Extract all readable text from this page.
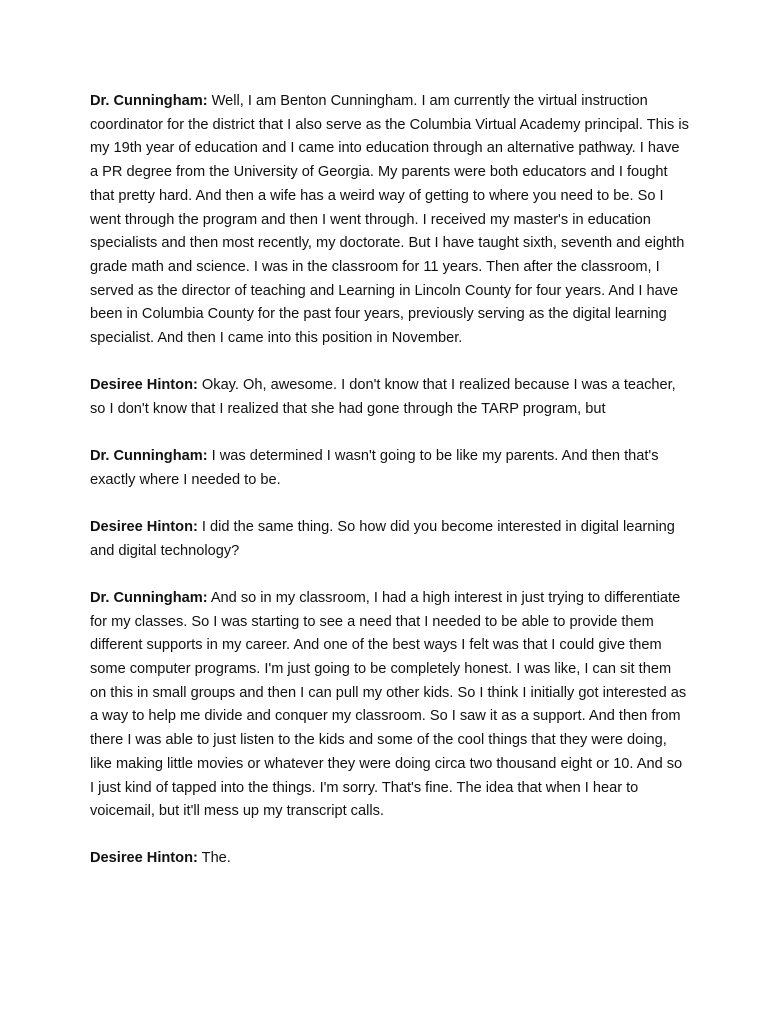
Dr. Cunningham: Well, I am Benton Cunningham. I am currently the virtual instruction coordinator for the district that I also serve as the Columbia Virtual Academy principal. This is my 19th year of education and I came into education through an alternative pathway. I have a PR degree from the University of Georgia. My parents were both educators and I fought that pretty hard. And then a wife has a weird way of getting to where you need to be. So I went through the program and then I went through. I received my master's in education specialists and then most recently, my doctorate. But I have taught sixth, seventh and eighth grade math and science. I was in the classroom for 11 years. Then after the classroom, I served as the director of teaching and Learning in Lincoln County for four years. And I have been in Columbia County for the past four years, previously serving as the digital learning specialist. And then I came into this position in November.

Desiree Hinton: Okay. Oh, awesome. I don't know that I realized because I was a teacher, so I don't know that I realized that she had gone through the TARP program, but

Dr. Cunningham: I was determined I wasn't going to be like my parents. And then that's exactly where I needed to be.

Desiree Hinton: I did the same thing. So how did you become interested in digital learning and digital technology?

Dr. Cunningham: And so in my classroom, I had a high interest in just trying to differentiate for my classes. So I was starting to see a need that I needed to be able to provide them different supports in my career. And one of the best ways I felt was that I could give them some computer programs. I'm just going to be completely honest. I was like, I can sit them on this in small groups and then I can pull my other kids. So I think I initially got interested as a way to help me divide and conquer my classroom. So I saw it as a support. And then from there I was able to just listen to the kids and some of the cool things that they were doing, like making little movies or whatever they were doing circa two thousand eight or 10. And so I just kind of tapped into the things. I'm sorry. That's fine. The idea that when I hear to voicemail, but it'll mess up my transcript calls.

Desiree Hinton: The.
